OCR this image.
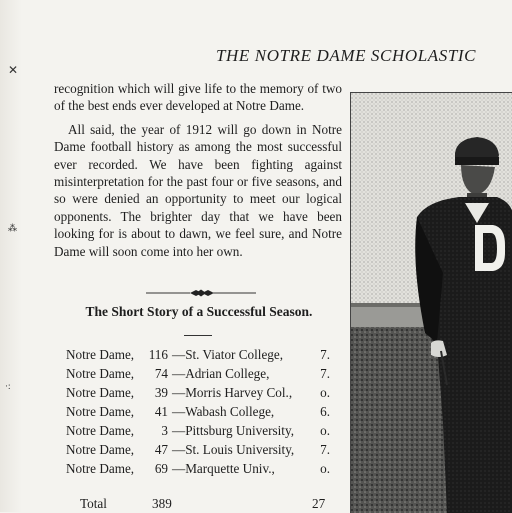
✕
⁂
·:
THE NOTRE DAME SCHOLASTIC

recognition which will give life to the memory of two of the best ends ever developed at Notre Dame.

All said, the year of 1912 will go down in Notre Dame football history as among the most successful ever recorded. We have been fighting against misinterpretation for the past four or five seasons, and so were denied an opportunity to meet our logical opponents. The brighter day that we have been looking for is about to dawn, we feel sure, and Notre Dame will soon come into her own.

The Short Story of a Successful Season.
Notre Dame, 116 —St. Viator College,	7.
Notre Dame, 74 —Adrian College,	7.
Notre Dame, 39 —Morris Harvey Col., o.
Notre Dame, 41 —Wabash College,	6.
Notre Dame, 3 —Pittsburg University, o.
Notre Dame, 47 —St. Louis University, 7.
Notre Dame, 69 —Marquette Univ.,	o.
Total	389	27
